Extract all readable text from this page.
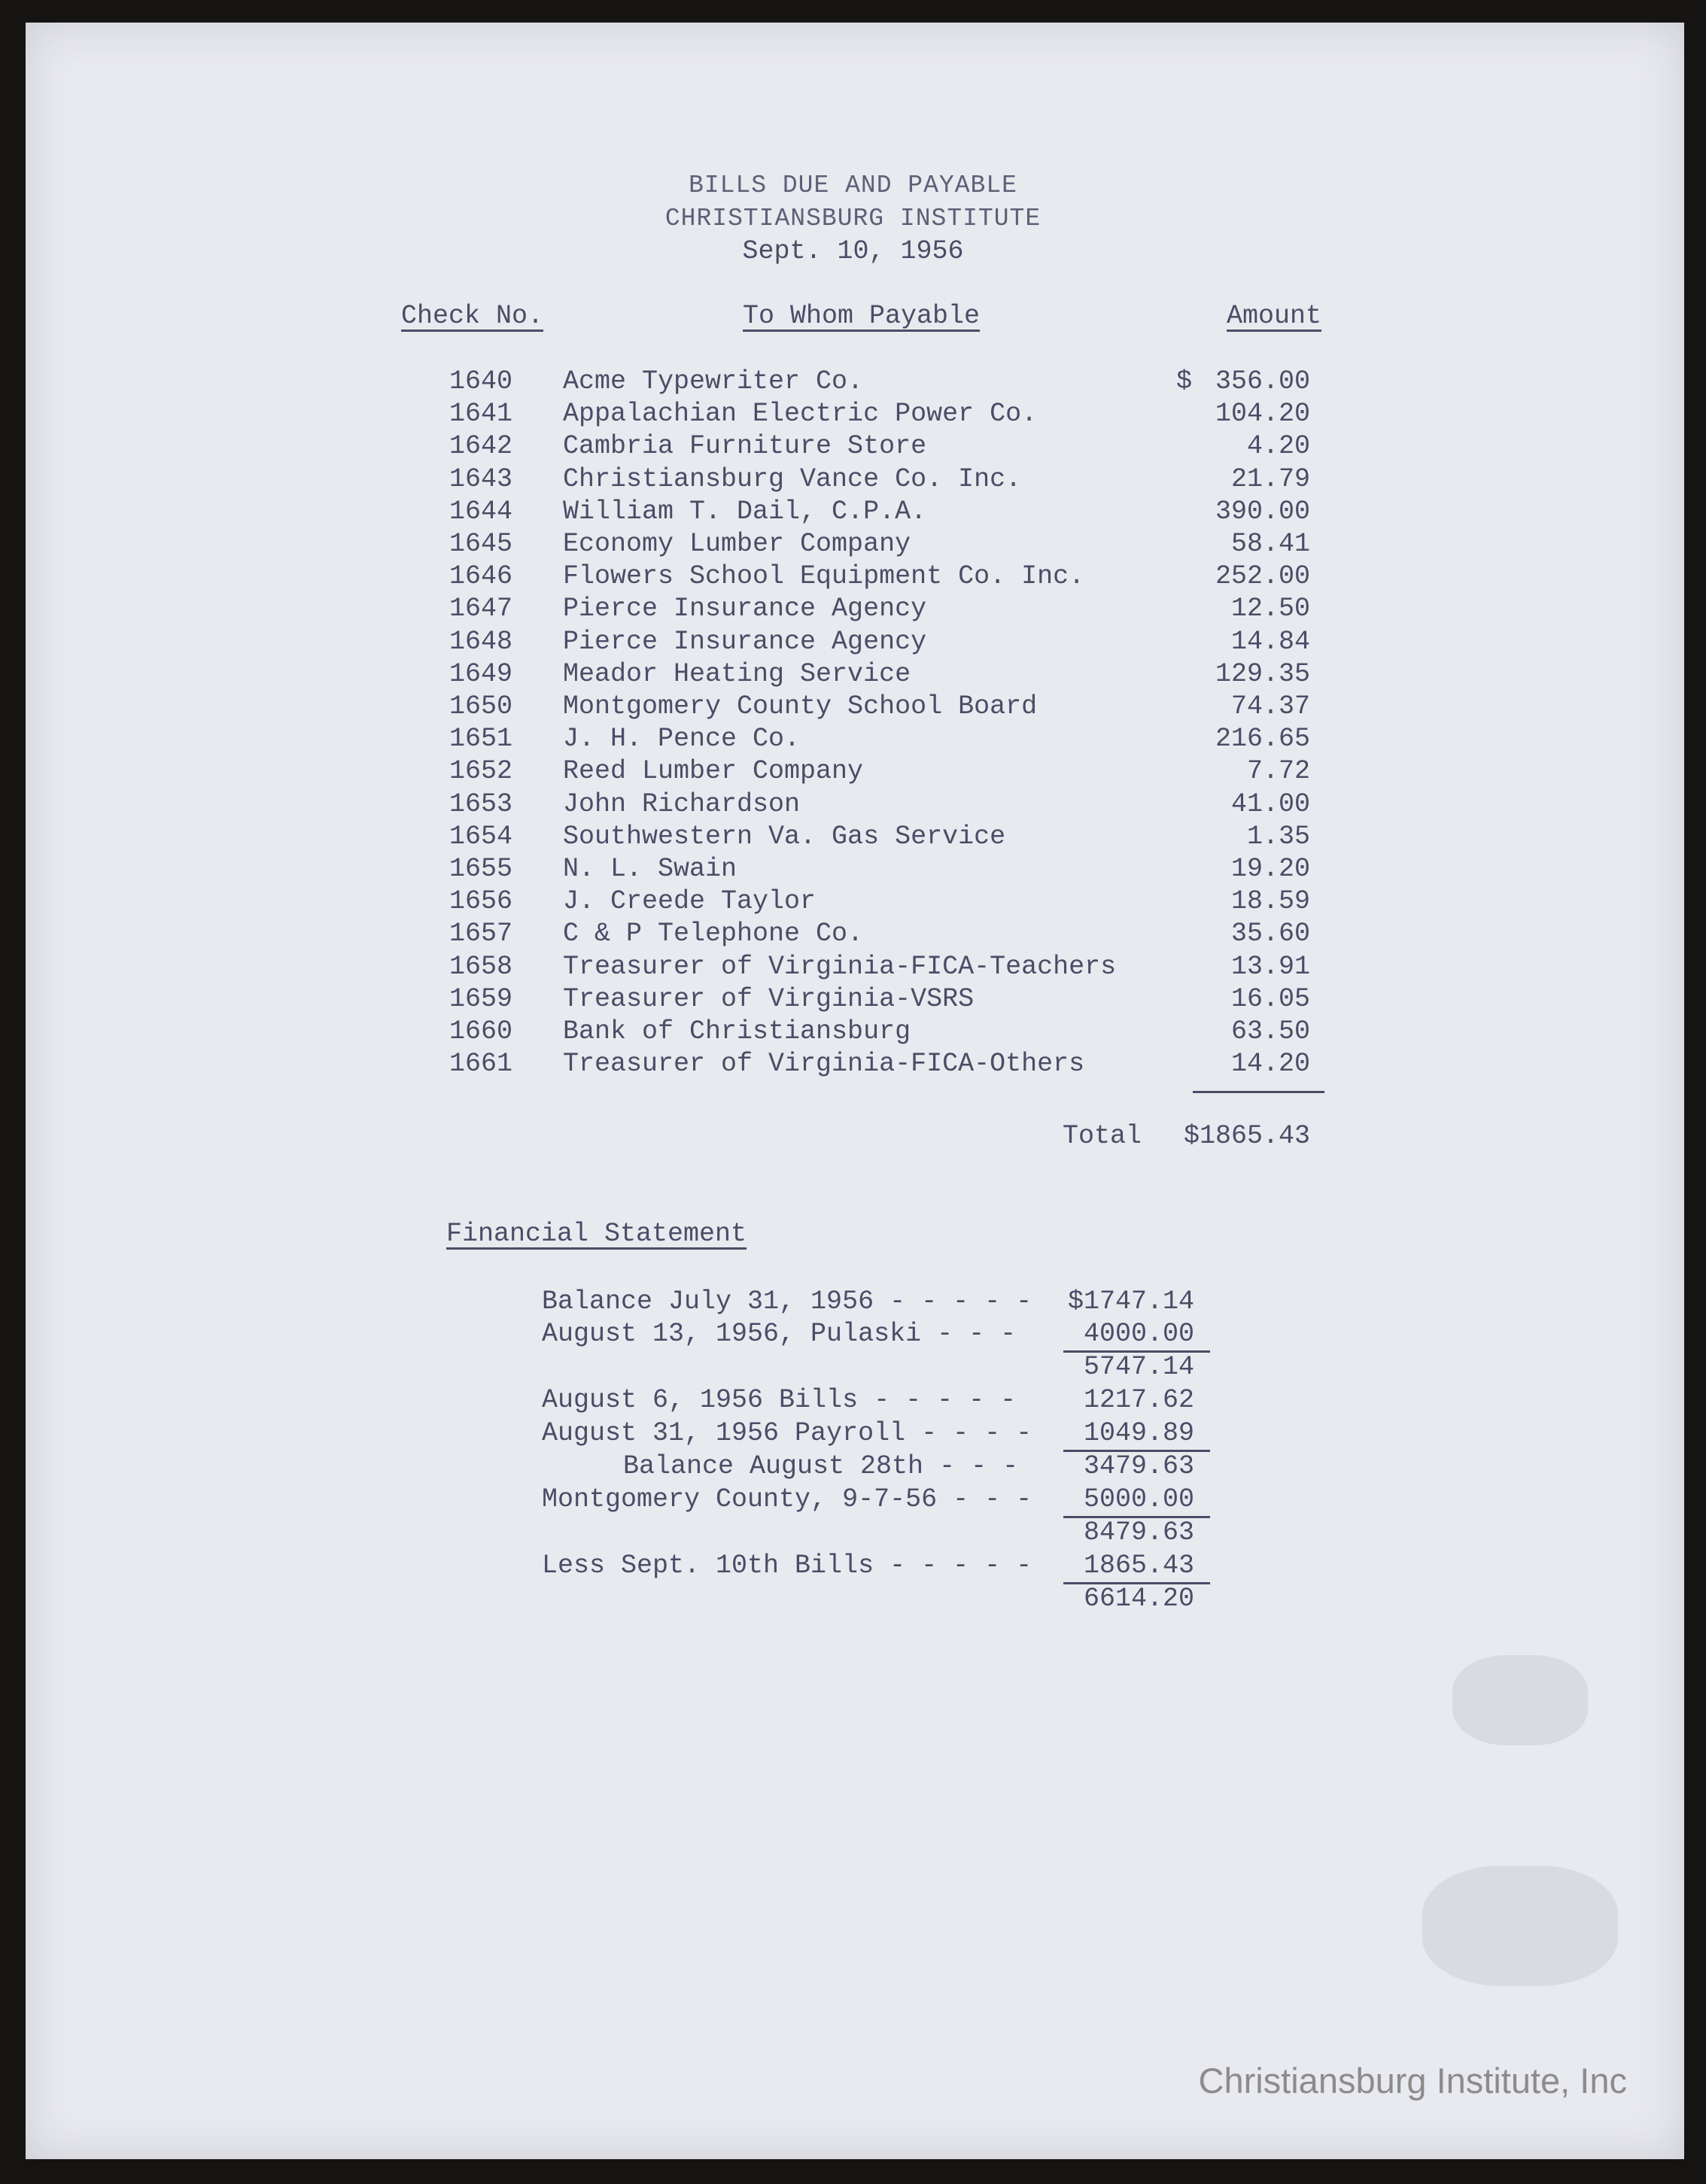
BILLS DUE AND PAYABLE
CHRISTIANSBURG INSTITUTE
Sept. 10, 1956
Check No.	To Whom Payable	Amount
1640 Acme Typewriter Co.	$ 356.00
1641 Appalachian Electric Power Co.	104.20
1642 Cambria Furniture Store	4.20
1643 Christiansburg Vance Co. Inc.	21.79
1644 William T. Dail, C.P.A.	390.00
1645 Economy Lumber Company	58.41
1646 Flowers School Equipment Co. Inc.	252.00
1647 Pierce Insurance Agency	12.50
1648 Pierce Insurance Agency	14.84
1649 Meador Heating Service	129.35
1650 Montgomery County School Board	74.37
1651 J. H. Pence Co.	216.65
1652 Reed Lumber Company	7.72
1653 John Richardson	41.00
1654 Southwestern Va. Gas Service	1.35
1655 N. L. Swain	19.20
1656 J. Creede Taylor	18.59
1657 C & P Telephone Co.	35.60
1658 Treasurer of Virginia-FICA-Teachers	13.91
1659 Treasurer of Virginia-VSRS	16.05
1660 Bank of Christiansburg	63.50
1661 Treasurer of Virginia-FICA-Others	14.20
Total $1865.43
Financial Statement
Balance July 31, 1956 - - - - - $1747.14
August 13, 1956, Pulaski - - -	4000.00
5747.14
August 6, 1956 Bills - - - - -	1217.62
August 31, 1956 Payroll - - - - 1049.89
Balance August 28th - - - 3479.63
Montgomery County, 9-7-56 - - - 5000.00
8479.63
Less Sept. 10th Bills - - - - - 1865.43
6614.20
Christiansburg Institute, Inc
